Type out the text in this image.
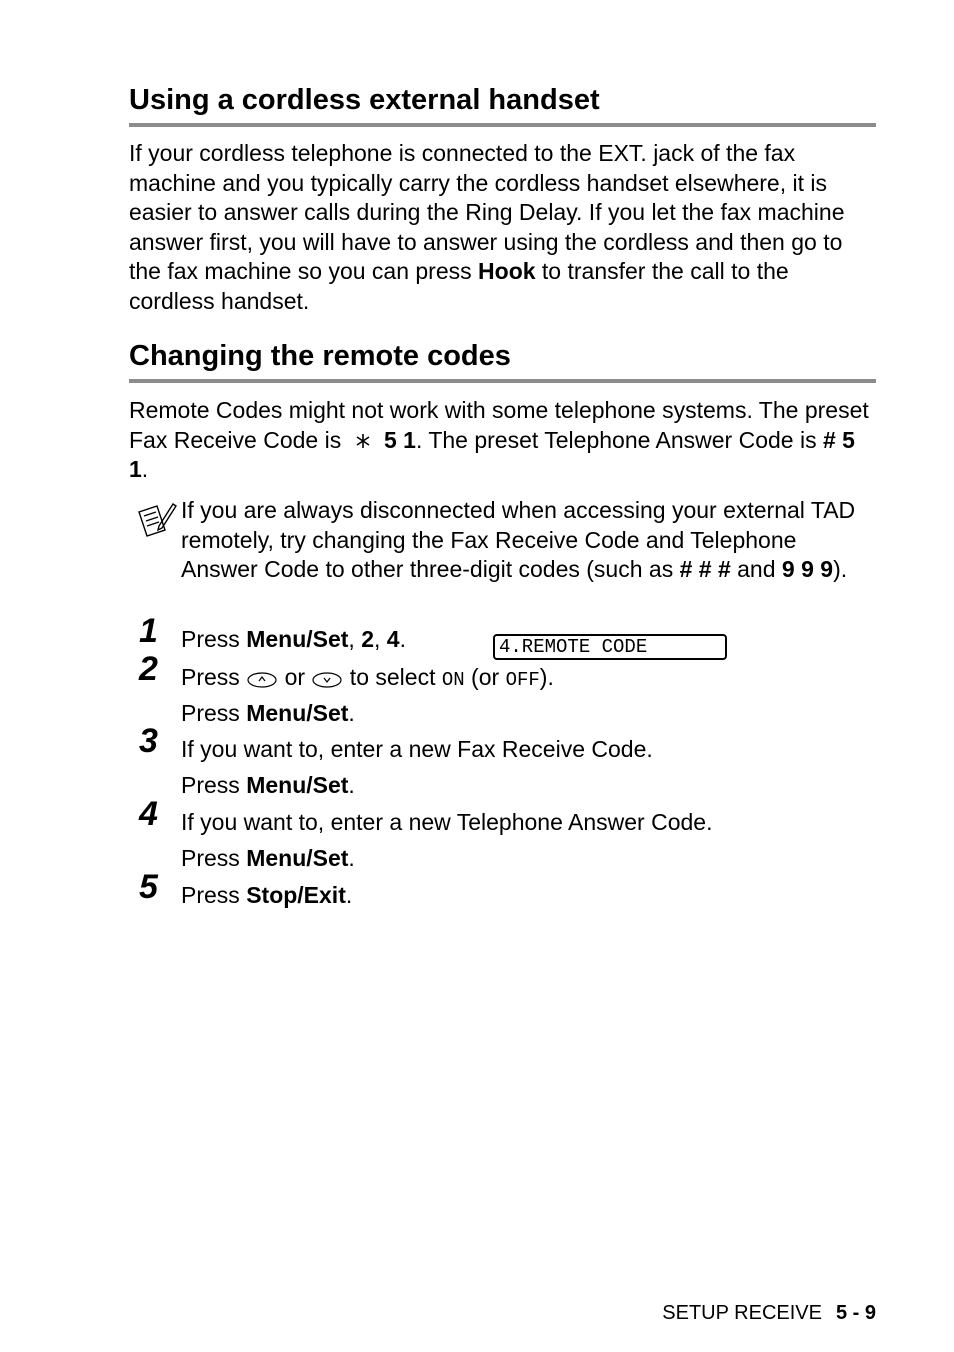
Using a cordless external handset

If your cordless telephone is connected to the EXT. jack of the fax machine and you typically carry the cordless handset elsewhere, it is easier to answer calls during the Ring Delay. If you let the fax machine answer first, you will have to answer using the cordless and then go to the fax machine so you can press Hook to transfer the call to the cordless handset.

Changing the remote codes

Remote Codes might not work with some telephone systems. The preset Fax Receive Code is  5 1. The preset Telephone Answer Code is # 5 1.

If you are always disconnected when accessing your external TAD remotely, try changing the Fax Receive Code and Telephone Answer Code to other three-digit codes (such as # # # and 9 9 9).
1 Press Menu/Set, 2, 4.
2 Press  or  to select ON (or OFF).
Press Menu/Set.
3 If you want to, enter a new Fax Receive Code.
Press Menu/Set.
4 If you want to, enter a new Telephone Answer Code.
Press Menu/Set.
5 Press Stop/Exit.
4.REMOTE CODE
SETUP RECEIVE 5 - 9
